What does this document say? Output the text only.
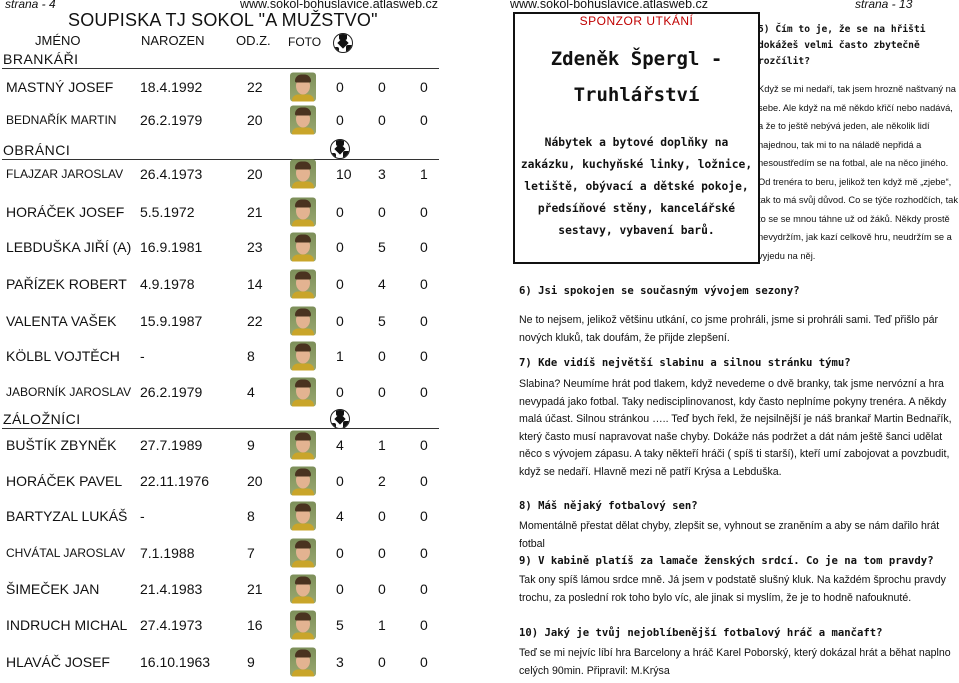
strana - 4	www.sokol-bohuslavice.atlasweb.cz
SOUPISKA TJ SOKOL "A MUŽSTVO"
JMÉNO	NAROZEN OD.Z. FOTO
BRANKÁŘI
OBRÁNCI
ZÁLOŽNÍCI
MASTNÝ JOSEF 18.4.1992	22	0 0 0
BEDNAŘÍK MARTIN 26.2.1979	20	0 0 0
FLAJZAR JAROSLAV 26.4.1973	20	10 3 1
HORÁČEK JOSEF 5.5.1972	21	0 0 0
LEBDUŠKA JIŘÍ (A) 16.9.1981	23	0 5 0
PAŘÍZEK ROBERT 4.9.1978	14	0 4 0
VALENTA VAŠEK 15.9.1987	22	0 5 0
KÖLBL VOJTĚCH -	8	1 0 0
JABORNÍK JAROSLAV 26.2.1979	4	0 0 0
BUŠTÍK ZBYNĚK 27.7.1989	9	4 1 0
HORÁČEK PAVEL 22.11.1976	20	0 2 0
BARTYZAL LUKÁŠ -	8	4 0 0
CHVÁTAL JAROSLAV 7.1.1988	7	0 0 0
ŠIMEČEK JAN	21.4.1983	21	0 0 0
INDRUCH MICHAL 27.4.1973	16	5 1 0
HLAVÁČ JOSEF 16.10.1963	9	3 0 0
www.sokol-bohuslavice.atlasweb.cz	strana - 13
SPONZOR UTKÁNÍ
Zdeněk Špergl -
Truhlářství
Nábytek a bytové doplňky na
zakázku, kuchyňské linky, ložnice,
letiště, obývací a dětské pokoje,
předsíňové stěny, kancelářské
sestavy, vybavení barů.
5) Čím to je, že se na hřišti dokážeš velmi často zbytečně rozčílit?
Když se mi nedaří, tak jsem hrozně naštvaný na sebe. Ale když na mě někdo křičí nebo nadává, a že to ještě nebývá jeden, ale několik lidí najednou, tak mi to na náladě nepřidá a nesoustředím se na fotbal, ale na něco jiného. Od trenéra to beru, jelikož ten když mě „zjebe“, tak to má svůj důvod. Co se týče rozhodčích, tak to se se mnou táhne už od žáků. Někdy prostě nevydržím, jak kazí celkově hru, neudržím se a vyjedu na něj.
6) Jsi spokojen se současným vývojem sezony?
Ne to nejsem, jelikož většinu utkání, co jsme prohráli, jsme si prohráli sami. Teď přišlo pár nových kluků, tak doufám, že přijde zlepšení.
7) Kde vidíš největší slabinu a silnou stránku týmu?
Slabina? Neumíme hrát pod tlakem, když nevedeme o dvě branky, tak jsme nervózní a hra nevypadá jako fotbal. Taky nedisciplinovanost, kdy často neplníme pokyny trenéra. A někdy malá účast. Silnou stránkou ….. Teď bych řekl, že nejsilnější je náš brankař Martin Bednařík, který často musí napravovat naše chyby. Dokáže nás podržet a dát nám ještě šanci udělat něco s vývojem zápasu. A taky někteří hráči ( spíš ti starší), kteří umí zabojovat a povzbudit, když se nedaří. Hlavně mezi ně patří Krýsa a Lebduška.
8) Máš nějaký fotbalový sen?
Momentálně přestat dělat chyby, zlepšit se, vyhnout se zraněním a aby se nám dařilo hrát fotbal
9) V kabině platíš za lamače ženských srdcí. Co je na tom pravdy?
Tak ony spíš lámou srdce mně. Já jsem v podstatě slušný kluk. Na každém šprochu pravdy trochu, za poslední rok toho bylo víc, ale jinak si myslím, že je to hodně nafouknuté.
10) Jaký je tvůj nejoblíbenější fotbalový hráč a mančaft?
Teď se mi nejvíc líbí hra Barcelony a hráč Karel Poborský, který dokázal hrát a běhat naplno celých 90min. Připravil: M.Krýsa
